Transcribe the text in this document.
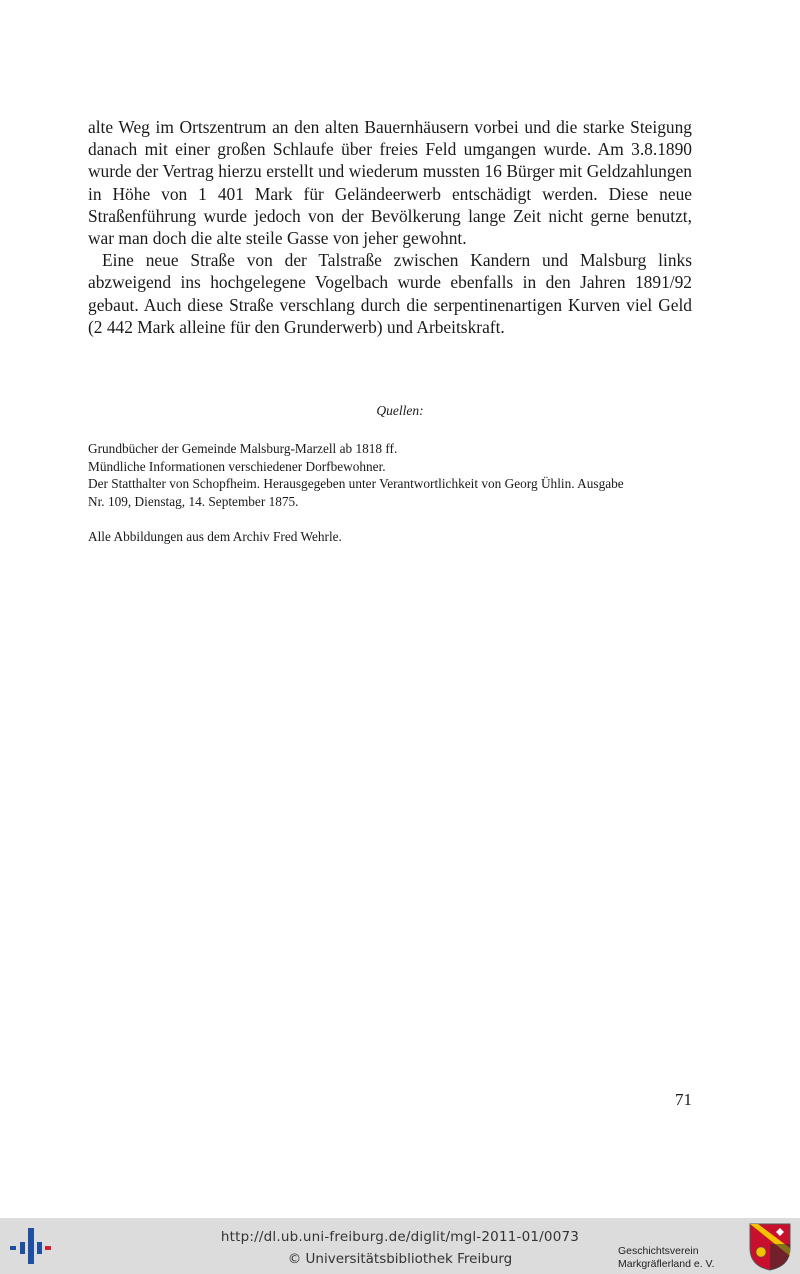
alte Weg im Ortszentrum an den alten Bauernhäusern vorbei und die starke Steigung danach mit einer großen Schlaufe über freies Feld umgangen wurde. Am 3.8.1890 wurde der Vertrag hierzu erstellt und wiederum mussten 16 Bürger mit Geldzahlungen in Höhe von 1 401 Mark für Geländeerwerb entschädigt werden. Diese neue Straßenführung wurde jedoch von der Bevölkerung lange Zeit nicht gerne benutzt, war man doch die alte steile Gasse von jeher gewohnt.

Eine neue Straße von der Talstraße zwischen Kandern und Malsburg links abzweigend ins hochgelegene Vogelbach wurde ebenfalls in den Jahren 1891/92 gebaut. Auch diese Straße verschlang durch die serpentinenartigen Kurven viel Geld (2 442 Mark alleine für den Grunderwerb) und Arbeitskraft.

Quellen:
Grundbücher der Gemeinde Malsburg-Marzell ab 1818 ff.
Mündliche Informationen verschiedener Dorfbewohner.
Der Statthalter von Schopfheim. Herausgegeben unter Verantwortlichkeit von Georg Ühlin. Ausgabe
Nr. 109, Dienstag, 14. September 1875.
Alle Abbildungen aus dem Archiv Fred Wehrle.
71
http://dl.ub.uni-freiburg.de/diglit/mgl-2011-01/0073
© Universitätsbibliothek Freiburg	Geschichtsverein
Markgräflerland e. V.
